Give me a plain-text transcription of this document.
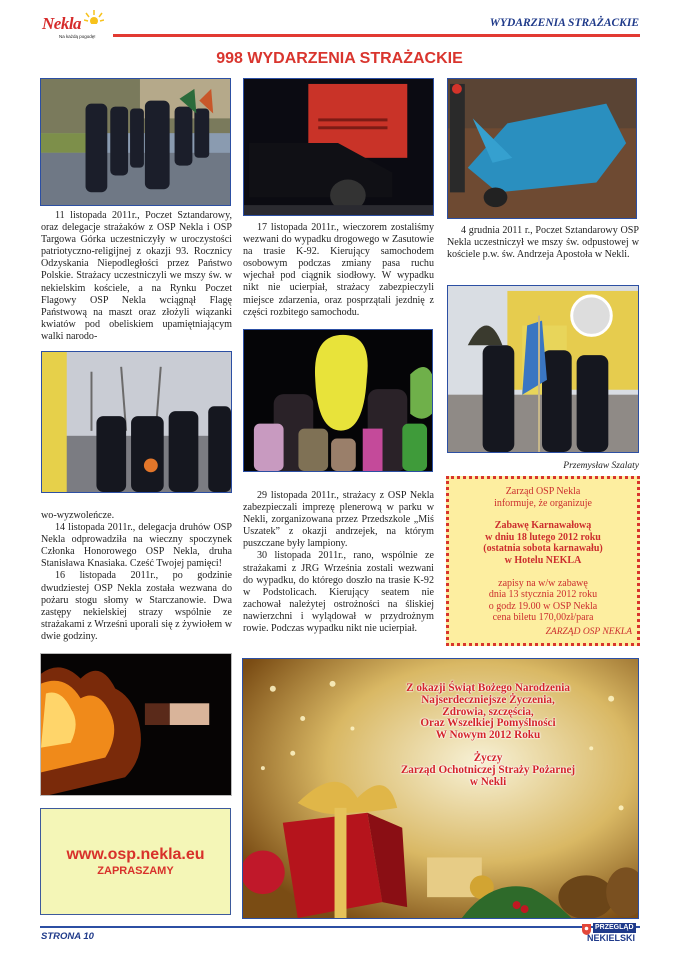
Nekla
Na każdą pogodę!
WYDARZENIA STRAŻACKIE
998 WYDARZENIA STRAŻACKIE

11 listopada 2011r., Poczet Sztandarowy, oraz delegacje strażaków z OSP Nekla i OSP Targowa Górka uczestniczyły w uroczystości patriotyczno-religijnej z okazji 93. Rocznicy Odzyskania Niepodległości przez Państwo Polskie. Strażacy uczestniczyli we mszy św. w nekielskim kościele, a na Rynku Poczet Flagowy OSP Nekla wciągnął Flagę Państwową na maszt oraz złożyli wiązanki kwiatów pod obeliskiem upamiętniającym walki narodo-

17 listopada 2011r., wieczorem zostaliśmy wezwani do wypadku drogowego w Zasutowie na trasie K-92. Kierujący samochodem osobowym podczas zmiany pasa ruchu wjechał pod ciągnik siodłowy. W wypadku nikt nie ucierpiał, strażacy zabezpieczyli miejsce zdarzenia, oraz posprzątali jezdnię z części rozbitego samochodu.

4 grudnia 2011 r., Poczet Sztandarowy OSP Nekla uczestniczył we mszy św. odpustowej w kościele p.w. św. Andrzeja Apostoła w Nekli.

Przemysław Szalaty
Zarząd OSP Nekla
informuje, że organizuje
Zabawę Karnawałową
w dniu 18 lutego 2012 roku
(ostatnia sobota karnawału)
w Hotelu NEKLA
zapisy na w/w zabawę
dnia 13 stycznia 2012 roku
o godz 19.00 w OSP Nekla
cena biletu 170,00zł/para
ZARZĄD OSP NEKLA

wo-wyzwoleńcze.

14 listopada 2011r., delegacja druhów OSP Nekla odprowadziła na wieczny spoczynek Członka Honorowego OSP Nekla, druha Stanisława Knasiaka. Cześć Twojej pamięci!

16 listopada 2011r., po godzinie dwudziestej OSP Nekla została wezwana do pożaru stogu słomy w Starczanowie. Dwa zastępy nekielskiej strazy wspólnie ze strażakami z Wrześni uporali się z żywiołem w dwie godziny.

29 listopada 2011r., strażacy z OSP Nekla zabezpieczali imprezę plenerową w parku w Nekli, zorganizowana przez Przedszkole „Miś Uszatek” z okazji andrzejek, na którym puszczane były lampiony.

30 listopada 2011r., rano, wspólnie ze strażakami z JRG Września zostali wezwani do wypadku, do którego doszło na trasie K-92 w Podstolicach. Kierujący seatem nie zachował należytej ostrożności na śliskiej nawierzchni i wylądował w przydrożnym rowie. Podczas wypadku nikt nie ucierpiał.

www.osp.nekla.eu
ZAPRASZAMY
Z okazji Świąt Bożego Narodzenia
Najserdeczniejsze Życzenia,
Zdrowia, szczęścia,
Oraz Wszelkiej Pomyślności
W Nowym 2012 Roku
Życzy
Zarząd Ochotniczej Straży Pożarnej
w Nekli
STRONA 10
PRZEGLĄD
NEKIELSKI
